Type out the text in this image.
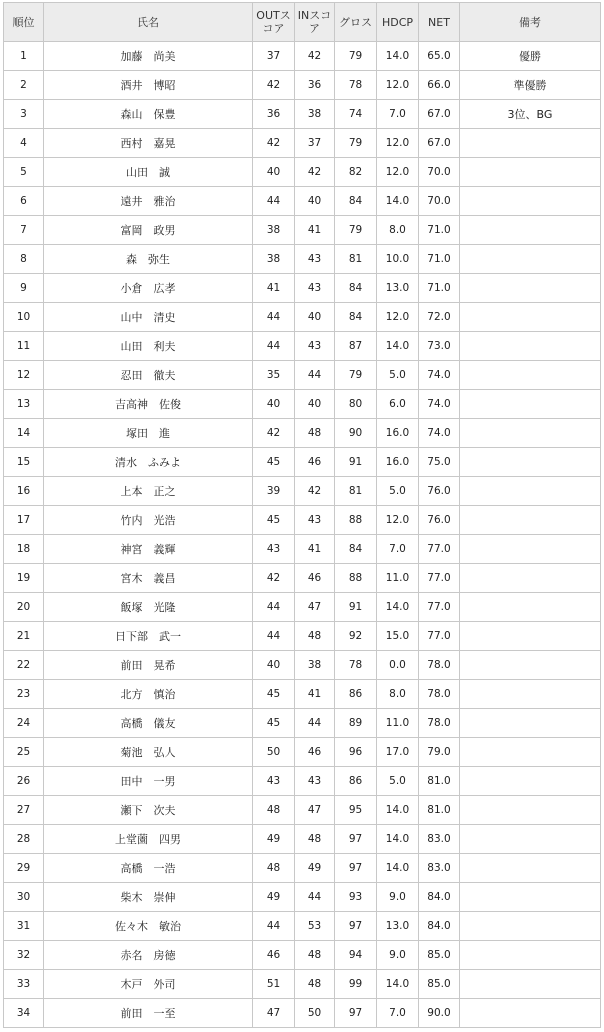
順位	氏名	OUTスコア	INスコア	グロス	HDCP	NET	備考
1	加藤　尚美	37	42	79	14.0	65.0	優勝
2	酒井　博昭	42	36	78	12.0	66.0	準優勝
3	森山　保豊	36	38	74	7.0	67.0	3位、BG
4	西村　嘉晃	42	37	79	12.0	67.0	
5	山田　誠	40	42	82	12.0	70.0	
6	遠井　雅治	44	40	84	14.0	70.0	
7	富岡　政男	38	41	79	8.0	71.0	
8	森　弥生	38	43	81	10.0	71.0	
9	小倉　広孝	41	43	84	13.0	71.0	
10	山中　清史	44	40	84	12.0	72.0	
11	山田　利夫	44	43	87	14.0	73.0	
12	忍田　徹夫	35	44	79	5.0	74.0	
13	吉高神　佐俊	40	40	80	6.0	74.0	
14	塚田　進	42	48	90	16.0	74.0	
15	清水　ふみよ	45	46	91	16.0	75.0	
16	上本　正之	39	42	81	5.0	76.0	
17	竹内　光浩	45	43	88	12.0	76.0	
18	神宮　義輝	43	41	84	7.0	77.0	
19	宮木　義昌	42	46	88	11.0	77.0	
20	飯塚　光隆	44	47	91	14.0	77.0	
21	日下部　武一	44	48	92	15.0	77.0	
22	前田　晃希	40	38	78	0.0	78.0	
23	北方　慎治	45	41	86	8.0	78.0	
24	高橋　儀友	45	44	89	11.0	78.0	
25	菊池　弘人	50	46	96	17.0	79.0	
26	田中　一男	43	43	86	5.0	81.0	
27	瀬下　次夫	48	47	95	14.0	81.0	
28	上堂薗　四男	49	48	97	14.0	83.0	
29	高橋　一浩	48	49	97	14.0	83.0	
30	柴木　崇伸	49	44	93	9.0	84.0	
31	佐々木　敏治	44	53	97	13.0	84.0	
32	赤名　房徳	46	48	94	9.0	85.0	
33	木戸　外司	51	48	99	14.0	85.0	
34	前田　一至	47	50	97	7.0	90.0	
